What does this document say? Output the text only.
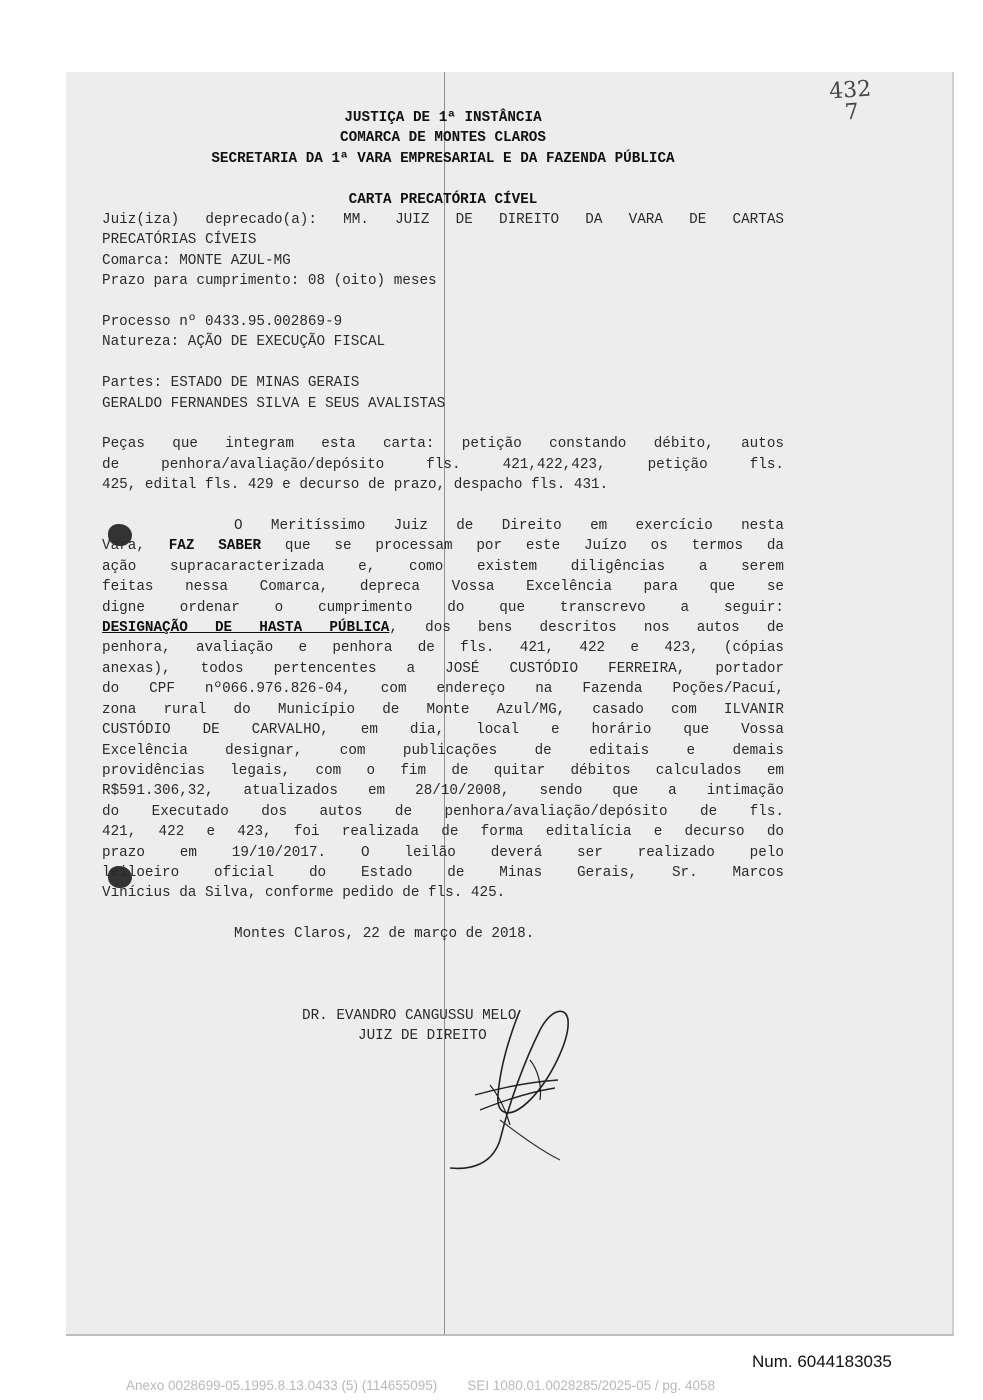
432
7
JUSTIÇA DE 1ª INSTÂNCIA
COMARCA DE MONTES CLAROS
SECRETARIA DA 1ª VARA EMPRESARIAL E DA FAZENDA PÚBLICA
CARTA PRECATÓRIA CÍVEL
Juiz(iza) deprecado(a): MM. JUIZ DE DIREITO DA VARA DE CARTAS
PRECATÓRIAS CÍVEIS
Comarca: MONTE AZUL-MG
Prazo para cumprimento: 08 (oito) meses
Processo nº 0433.95.002869-9
Natureza: AÇÃO DE EXECUÇÃO FISCAL
Partes: ESTADO DE MINAS GERAIS
GERALDO FERNANDES SILVA E SEUS AVALISTAS
Peças que integram esta carta: petição constando débito, autos
de penhora/avaliação/depósito fls. 421,422,423, petição fls.
425, edital fls. 429 e decurso de prazo, despacho fls. 431.
O Meritíssimo Juiz de Direito em exercício nesta
Vara, FAZ SABER que se processam por este Juízo os termos da
ação supracaracterizada e, como existem diligências a serem
feitas nessa Comarca, depreca Vossa Excelência para que se
digne ordenar o cumprimento do que transcrevo a seguir:
DESIGNAÇÃO DE HASTA PÚBLICA, dos bens descritos nos autos de
penhora, avaliação e penhora de fls. 421, 422 e 423, (cópias
anexas), todos pertencentes a JOSÉ CUSTÓDIO FERREIRA, portador
do CPF nº066.976.826-04, com endereço na Fazenda Poções/Pacuí,
zona rural do Município de Monte Azul/MG, casado com ILVANIR
CUSTÓDIO DE CARVALHO, em dia, local e horário que Vossa
Excelência designar, com publicações de editais e demais
providências legais, com o fim de quitar débitos calculados em
R$591.306,32, atualizados em 28/10/2008, sendo que a intimação
do Executado dos autos de penhora/avaliação/depósito de fls.
421, 422 e 423, foi realizada de forma editalícia e decurso do
prazo em 19/10/2017. O leilão deverá ser realizado pelo
leiloeiro oficial do Estado de Minas Gerais, Sr. Marcos
Vinícius da Silva, conforme pedido de fls. 425.
Montes Claros, 22 de março de 2018.
DR. EVANDRO CANGUSSU MELO
JUIZ DE DIREITO
Num. 6044183035
Anexo 0028699-05.1995.8.13.0433 (5) (114655095)        SEI 1080.01.0028285/2025-05 / pg. 4058
